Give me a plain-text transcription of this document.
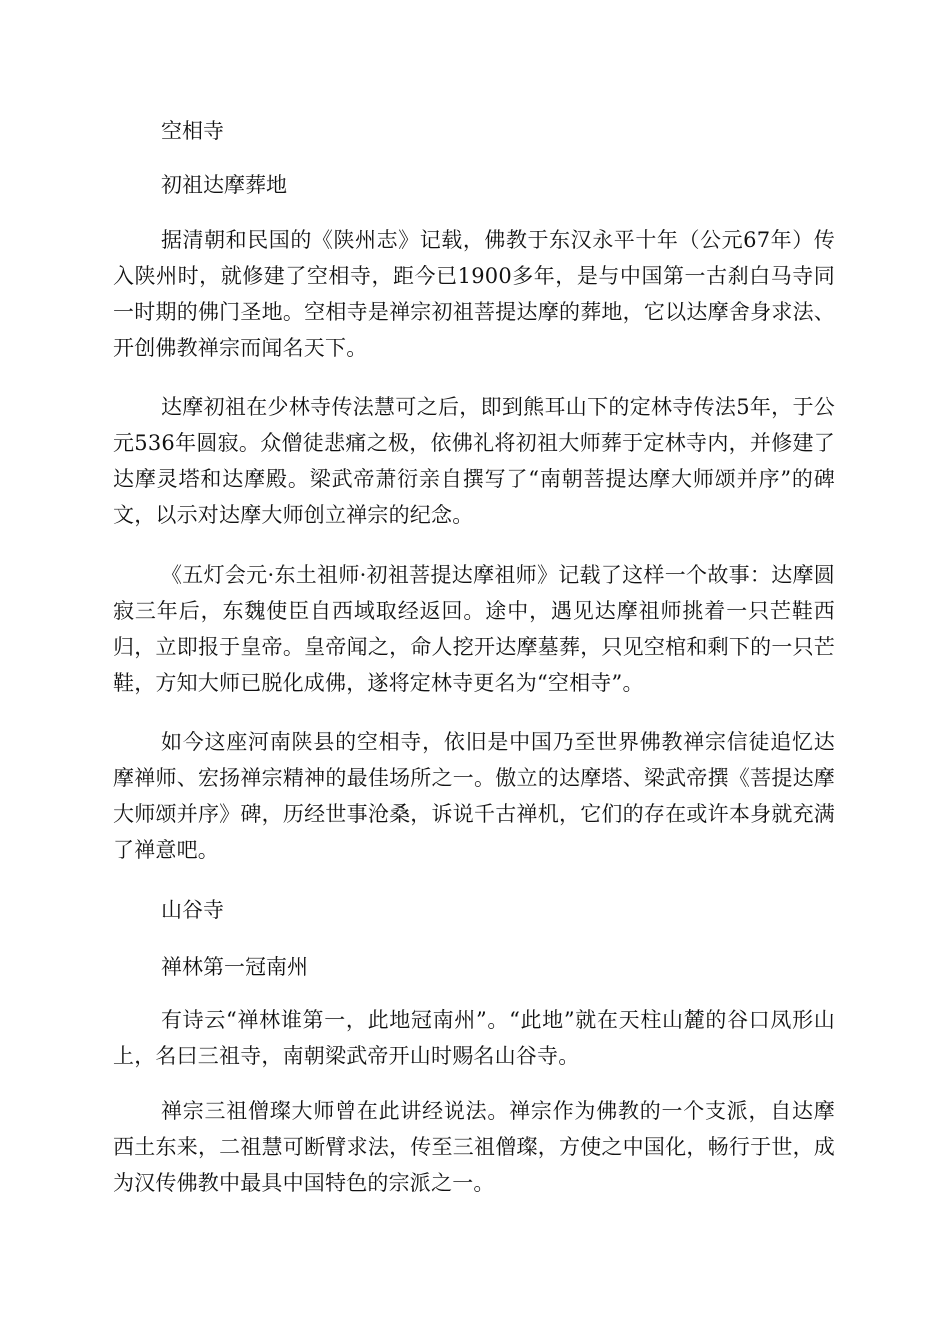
空相寺

初祖达摩葬地

据清朝和民国的《陕州志》记载，佛教于东汉永平十年（公元67年）传入陕州时，就修建了空相寺，距今已1900多年，是与中国第一古刹白马寺同一时期的佛门圣地。空相寺是禅宗初祖菩提达摩的葬地，它以达摩舍身求法、开创佛教禅宗而闻名天下。

达摩初祖在少林寺传法慧可之后，即到熊耳山下的定林寺传法5年，于公元536年圆寂。众僧徒悲痛之极，依佛礼将初祖大师葬于定林寺内，并修建了达摩灵塔和达摩殿。梁武帝萧衍亲自撰写了“南朝菩提达摩大师颂并序”的碑文，以示对达摩大师创立禅宗的纪念。

《五灯会元·东土祖师·初祖菩提达摩祖师》记载了这样一个故事：达摩圆寂三年后，东魏使臣自西域取经返回。途中，遇见达摩祖师挑着一只芒鞋西归，立即报于皇帝。皇帝闻之，命人挖开达摩墓葬，只见空棺和剩下的一只芒鞋，方知大师已脱化成佛，遂将定林寺更名为“空相寺”。

如今这座河南陕县的空相寺，依旧是中国乃至世界佛教禅宗信徒追忆达摩禅师、宏扬禅宗精神的最佳场所之一。傲立的达摩塔、梁武帝撰《菩提达摩大师颂并序》碑，历经世事沧桑，诉说千古禅机，它们的存在或许本身就充满了禅意吧。

山谷寺

禅林第一冠南州

有诗云“禅林谁第一，此地冠南州”。“此地”就在天柱山麓的谷口凤形山上，名曰三祖寺，南朝梁武帝开山时赐名山谷寺。

禅宗三祖僧璨大师曾在此讲经说法。禅宗作为佛教的一个支派，自达摩西土东来，二祖慧可断臂求法，传至三祖僧璨，方使之中国化，畅行于世，成为汉传佛教中最具中国特色的宗派之一。
